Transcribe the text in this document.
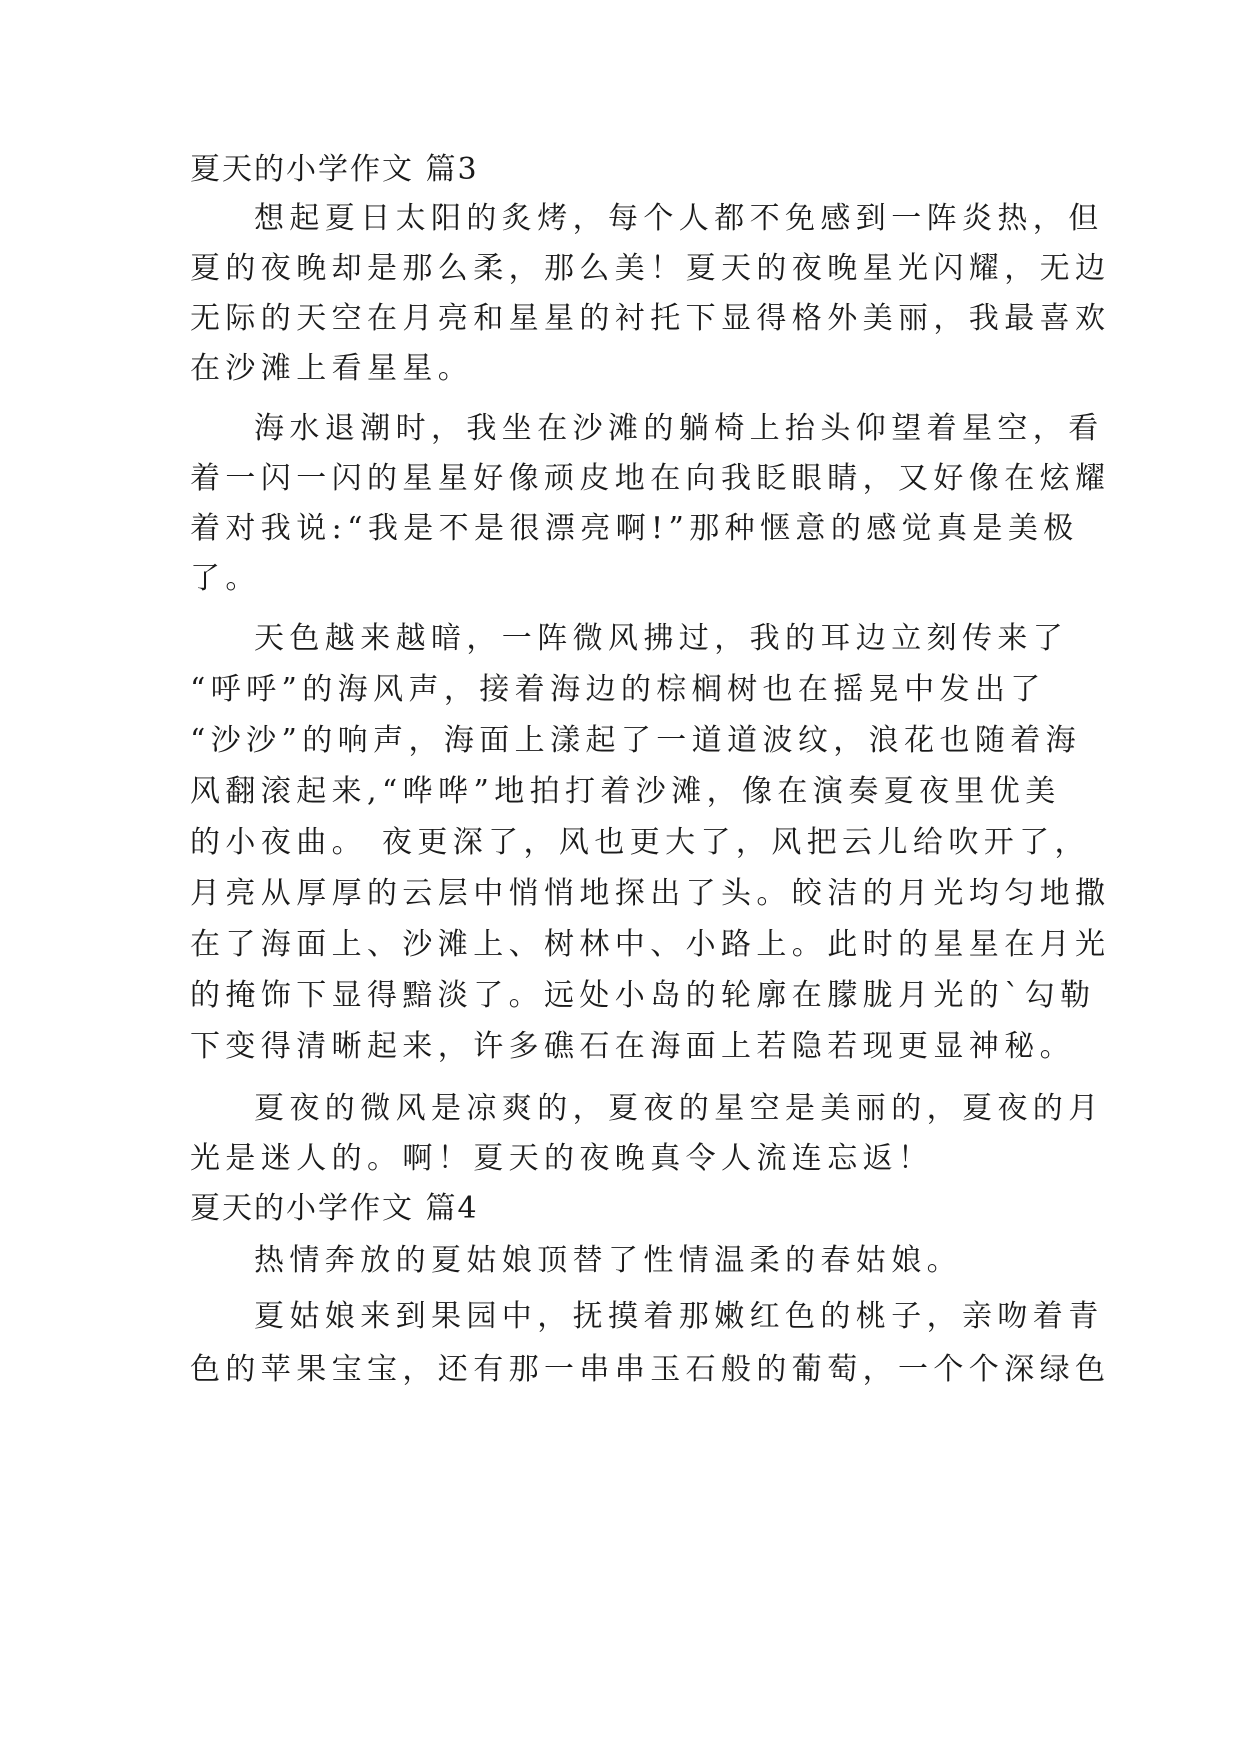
夏天的小学作文 篇3
想起夏日太阳的炙烤，每个人都不免感到一阵炎热，但
夏的夜晚却是那么柔，那么美！夏天的夜晚星光闪耀，无边
无际的天空在月亮和星星的衬托下显得格外美丽，我最喜欢
在沙滩上看星星。
海水退潮时，我坐在沙滩的躺椅上抬头仰望着星空，看
着一闪一闪的星星好像顽皮地在向我眨眼睛，又好像在炫耀
着对我说:“我是不是很漂亮啊!”那种惬意的感觉真是美极
了。
天色越来越暗，一阵微风拂过，我的耳边立刻传来了
“呼呼”的海风声，接着海边的棕榈树也在摇晃中发出了
“沙沙”的响声，海面上漾起了一道道波纹，浪花也随着海
风翻滚起来,“哗哗”地拍打着沙滩，像在演奏夏夜里优美
的小夜曲。 夜更深了，风也更大了，风把云儿给吹开了，
月亮从厚厚的云层中悄悄地探出了头。皎洁的月光均匀地撒
在了海面上、沙滩上、树林中、小路上。此时的星星在月光
的掩饰下显得黯淡了。远处小岛的轮廓在朦胧月光的`勾勒
下变得清晰起来，许多礁石在海面上若隐若现更显神秘。
夏夜的微风是凉爽的，夏夜的星空是美丽的，夏夜的月
光是迷人的。啊！夏天的夜晚真令人流连忘返！
夏天的小学作文 篇4
热情奔放的夏姑娘顶替了性情温柔的春姑娘。
夏姑娘来到果园中，抚摸着那嫩红色的桃子，亲吻着青
色的苹果宝宝，还有那一串串玉石般的葡萄，一个个深绿色
